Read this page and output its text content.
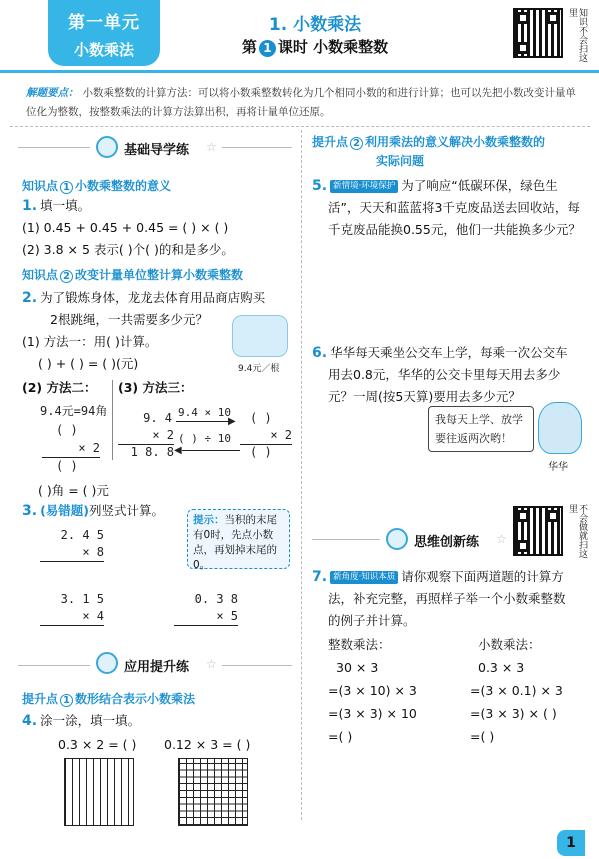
第一单元
小数乘法
1. 小数乘法
第 1 课时 小数乘整数	知识不会扫这里
解题要点： 小数乘整数的计算方法：可以将小数乘整数转化为几个相同小数的和进行计算；也可以先把小数改变计量单位化为整数，按整数乘法的计算方法算出积，再将计量单位还原。
基础导学练 ☆
知识点 1 小数乘整数的意义
1. 填一填。
(1) 0.45 + 0.45 + 0.45 = ( ) × ( )
(2) 3.8 × 5 表示( )个( )的和是多少。
知识点 2 改变计量单位整计算小数乘整数
2. 为了锻炼身体，龙龙去体育用品商店购买
2根跳绳，一共需要多少元？
9.4元／根
(1) 方法一：用( )计算。
( ) + ( ) = ( )(元)
(2) 方法二： (3) 方法三：
9.4元=94角
( )
× 2
( )
( )角 = ( )元
9. 4
× 2
1 8. 8
9.4 × 10
▶
( ) ÷ 10
◀
( )
× 2
( )
3. (易错题)列竖式计算。
2. 4 5
× 8
提示：当积的末尾有0时，先点小数点，再划掉末尾的0。
3. 1 5
× 4
0. 3 8
× 5
应用提升练 ☆
提升点 1 数形结合表示小数乘法
4. 涂一涂，填一填。
0.3 × 2 = ( ) 0.12 × 3 = ( )
提升点 2 利用乘法的意义解决小数乘整数的
实际问题
5. 新情境·环境保护 为了响应“低碳环保，绿色生
活”，天天和蓝蓝将3千克废品送去回收站，每
千克废品能换0.55元，他们一共能换多少元？
6. 华华每天乘坐公交车上学，每乘一次公交车
用去0.8元，华华的公交卡里每天用去多少
元？一周(按5天算)要用去多少元？
我每天上学、放学
要往返两次哟！
华华
不会做就扫这里
思维创新练 ☆
7. 新角度·知识本质 请你观察下面两道题的计算方
法，补充完整，再照样子举一个小数乘整数
的例子并计算。
整数乘法：	小数乘法：
30 × 3
=(3 × 10) × 3
=(3 × 3) × 10
=( )
0.3 × 3
=(3 × 0.1) × 3
=(3 × 3) × ( )
=( )
1
